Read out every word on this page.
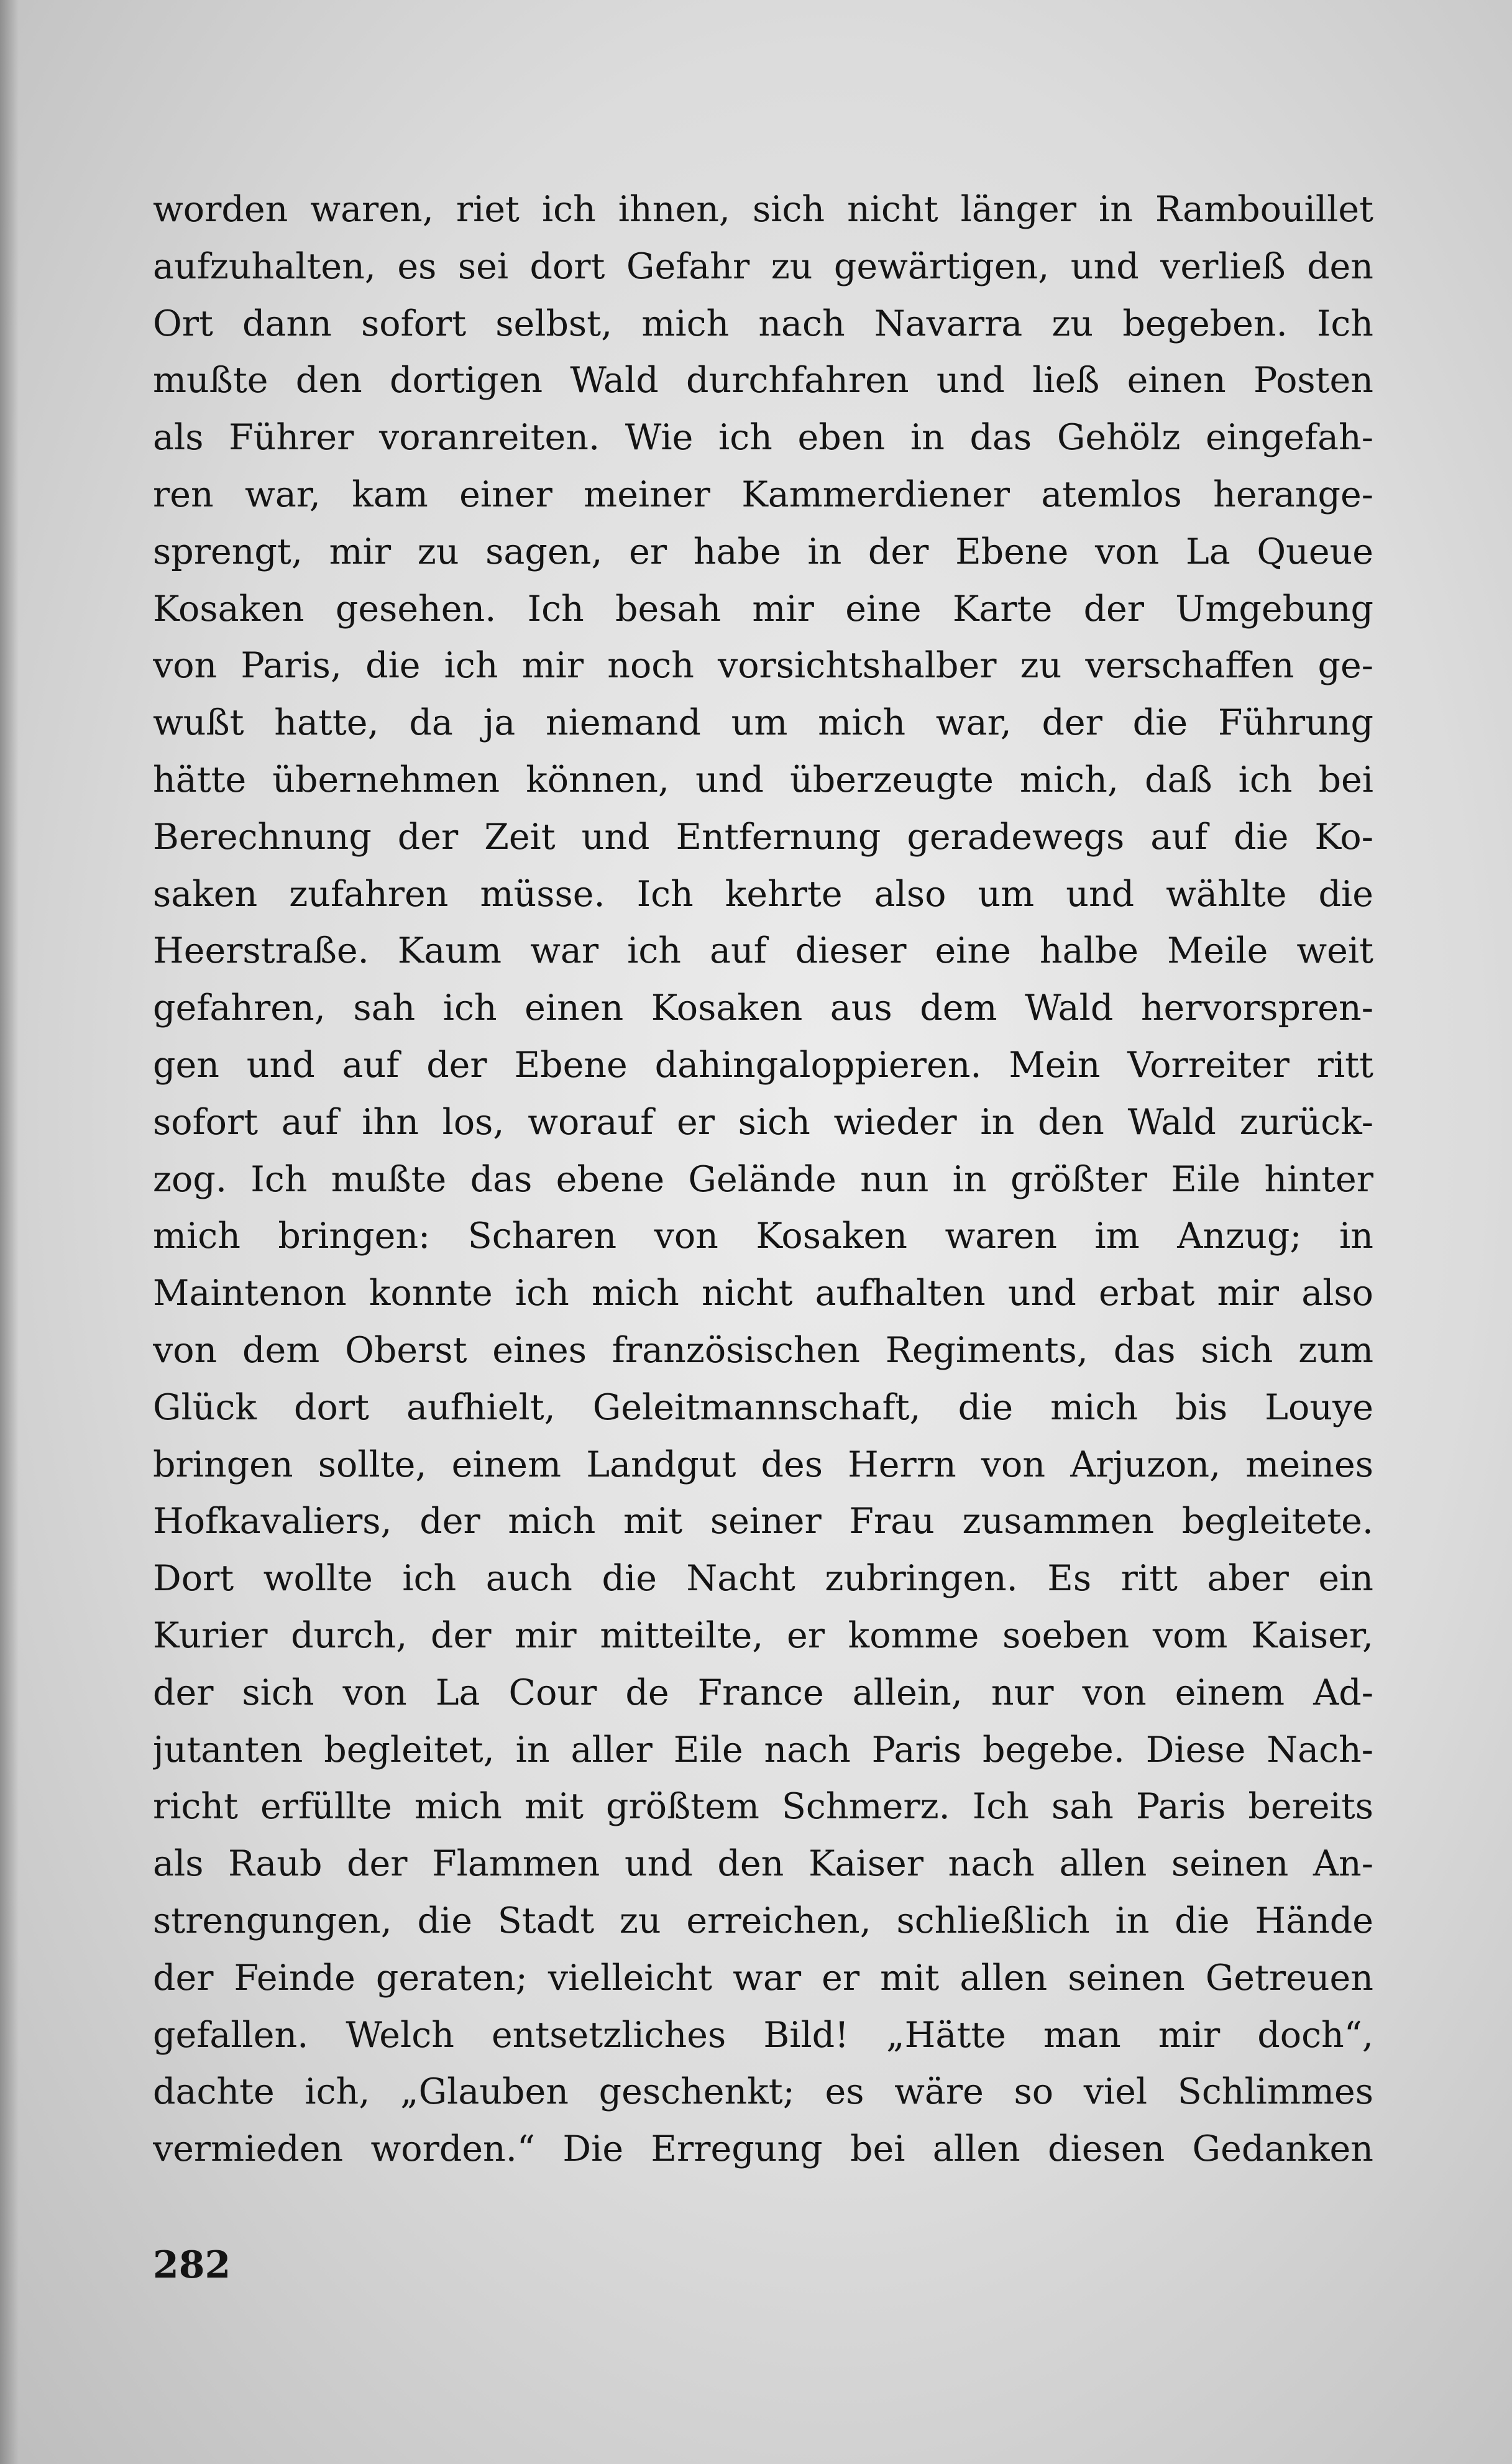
worden waren, riet ich ihnen, sich nicht länger in Rambouillet
aufzuhalten, es sei dort Gefahr zu gewärtigen, und verließ den
Ort dann sofort selbst, mich nach Navarra zu begeben. Ich
mußte den dortigen Wald durchfahren und ließ einen Posten
als Führer voranreiten. Wie ich eben in das Gehölz eingefah-
ren war, kam einer meiner Kammerdiener atemlos herange-
sprengt, mir zu sagen, er habe in der Ebene von La Queue
Kosaken gesehen. Ich besah mir eine Karte der Umgebung
von Paris, die ich mir noch vorsichtshalber zu verschaffen ge-
wußt hatte, da ja niemand um mich war, der die Führung
hätte übernehmen können, und überzeugte mich, daß ich bei
Berechnung der Zeit und Entfernung geradewegs auf die Ko-
saken zufahren müsse. Ich kehrte also um und wählte die
Heerstraße. Kaum war ich auf dieser eine halbe Meile weit
gefahren, sah ich einen Kosaken aus dem Wald hervorspren-
gen und auf der Ebene dahingaloppieren. Mein Vorreiter ritt
sofort auf ihn los, worauf er sich wieder in den Wald zurück-
zog. Ich mußte das ebene Gelände nun in größter Eile hinter
mich bringen: Scharen von Kosaken waren im Anzug; in
Maintenon konnte ich mich nicht aufhalten und erbat mir also
von dem Oberst eines französischen Regiments, das sich zum
Glück dort aufhielt, Geleitmannschaft, die mich bis Louye
bringen sollte, einem Landgut des Herrn von Arjuzon, meines
Hofkavaliers, der mich mit seiner Frau zusammen begleitete.
Dort wollte ich auch die Nacht zubringen. Es ritt aber ein
Kurier durch, der mir mitteilte, er komme soeben vom Kaiser,
der sich von La Cour de France allein, nur von einem Ad-
jutanten begleitet, in aller Eile nach Paris begebe. Diese Nach-
richt erfüllte mich mit größtem Schmerz. Ich sah Paris bereits
als Raub der Flammen und den Kaiser nach allen seinen An-
strengungen, die Stadt zu erreichen, schließlich in die Hände
der Feinde geraten; vielleicht war er mit allen seinen Getreuen
gefallen. Welch entsetzliches Bild! „Hätte man mir doch“,
dachte ich, „Glauben geschenkt; es wäre so viel Schlimmes
vermieden worden.“ Die Erregung bei allen diesen Gedanken
282
